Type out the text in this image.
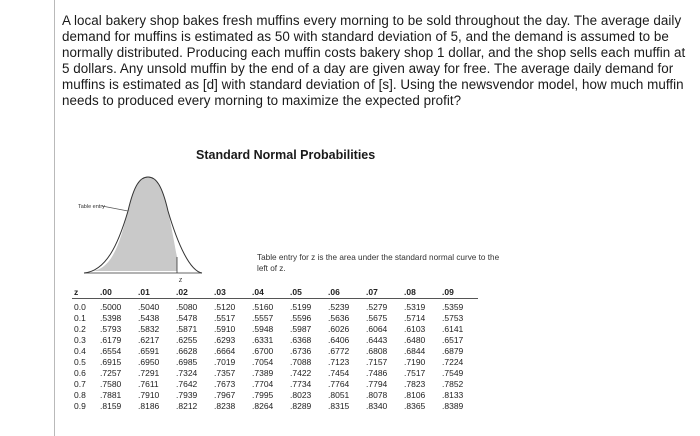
A local bakery shop bakes fresh muffins every morning to be sold throughout the day. The average daily demand for muffins is estimated as 50 with standard deviation of 5, and the demand is assumed to be normally distributed. Producing each muffin costs bakery shop 1 dollar, and the shop sells each muffin at 5 dollars. Any unsold muffin by the end of a day are given away for free. The average daily demand for muffins is estimated as [d] with standard deviation of [s]. Using the newsvendor model, how much muffin needs to produced every morning to maximize the expected profit?

Standard Normal Probabilities
Table entry
z
Table entry for z is the area under the standard normal curve to the left of z.
z	.00	.01	.02	.03	.04	.05	.06	.07	.08	.09
0.0	.5000	.5040	.5080	.5120	.5160	.5199	.5239	.5279	.5319	.5359
0.1	.5398	.5438	.5478	.5517	.5557	.5596	.5636	.5675	.5714	.5753
0.2	.5793	.5832	.5871	.5910	.5948	.5987	.6026	.6064	.6103	.6141
0.3	.6179	.6217	.6255	.6293	.6331	.6368	.6406	.6443	.6480	.6517
0.4	.6554	.6591	.6628	.6664	.6700	.6736	.6772	.6808	.6844	.6879
0.5	.6915	.6950	.6985	.7019	.7054	.7088	.7123	.7157	.7190	.7224
0.6	.7257	.7291	.7324	.7357	.7389	.7422	.7454	.7486	.7517	.7549
0.7	.7580	.7611	.7642	.7673	.7704	.7734	.7764	.7794	.7823	.7852
0.8	.7881	.7910	.7939	.7967	.7995	.8023	.8051	.8078	.8106	.8133
0.9	.8159	.8186	.8212	.8238	.8264	.8289	.8315	.8340	.8365	.8389
